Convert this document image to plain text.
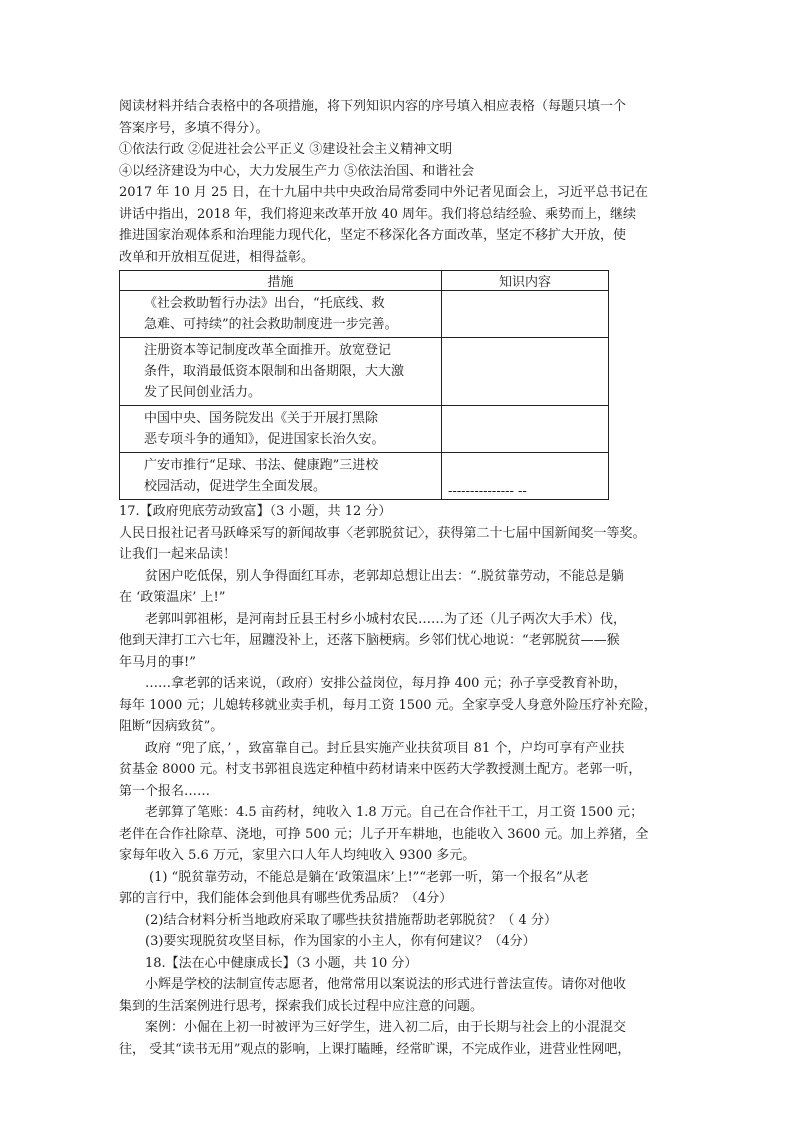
阅读材料并结合表格中的各项措施，将下列知识内容的序号填入相应表格（每题只填一个
答案序号，多填不得分）。
①依法行政 ②促进社会公平正义 ③建设社会主义精神文明
④以经济建设为中心，大力发展生产力 ⑤依法治国、和谐社会
2017 年 10 月 25 日，在十九届中共中央政治局常委同中外记者见面会上，习近平总书记在
讲话中指出，2018 年，我们将迎来改革开放 40 周年。我们将总结经验、乘势而上，继续
推进国家治观体系和治理能力现代化，坚定不移深化各方面改革，坚定不移扩大开放，使
改单和开放相互促进，相得益彰。
措施	知识内容

《社会救助暂行办法》出台，“托底线、救
急难、可持续”的社会救助制度进一步完善。	

注册资本等记制度改革全面推开。放宽登记
条件，取消最低资本限制和出备期限，大大激
发了民间创业活力。	

中国中央、国务院发出《关于开展打黑除
恶专项斗争的通知》，促进国家长治久安。	

广安市推行“足球、书法、健康跑”三进校
校园活动，促进学生全面发展。	--------------- --
17.【政府兜底劳动致富】（3 小题，共 12 分）
人民日报社记者马跃峰采写的新闻故事〈老郭脱贫记〉，获得第二十七届中国新闻奖一等奖。
让我们一起来品读！
贫困户吃低保，别人争得面红耳赤，老郭却总想让出去：“.脱贫靠劳动，不能总是躺
在 ‘政策温床’ 上!”
老郭叫郭祖彬，是河南封丘县王村乡小城村农民……为了还（儿子两次大手术）伐，
他到天津打工六七年，屈躔没补上，还落下脑梗病。乡邻们忧心地说：“老郭脱贫——猴
年马月的事!”
……拿老郭的话来说，（政府）安排公益岗位，每月挣 400 元；孙子享受教育补助，
每年 1000 元；儿媳转移就业卖手机，每月工资 1500 元。全家享受人身意外险压疗补充险，
阻断“因病致贫”。
政府 “兜了底，’ ，致富靠自己。封丘县实施产业扶贫项目 81 个，户均可享有产业扶
贫基金 8000 元。村支书郭祖良选定种植中药材请来中医药大学教授测土配方。老郭一听，
第一个报名……
老郭算了笔账：4.5 亩药材，纯收入 1.8 万元。自己在合作社干工，月工资 1500 元；
老伴在合作社除草、浇地，可挣 500 元；儿子开车耕地，也能收入 3600 元。加上养猪，全
家每年收入 5.6 万元，家里六口人年人均纯收入 9300 多元。
(1) “脱贫靠劳动，不能总是躺在‘政策温床’上!”“老郭一听，第一个报名”从老
郭的言行中，我们能体会到他具有哪些优秀品质？（4分）
(2)结合材料分析当地政府采取了哪些扶贫措施帮助老郭脱贫？（ 4 分）
(3)要实现脱贫攻坚目标，作为国家的小主人，你有何建议？（4分）
18.【法在心中健康成长】（3 小题，共 10 分）
小辉是学校的法制宣传志愿者，他常常用以案说法的形式进行普法宣传。请你对他收
集到的生活案例进行思考，探索我们成长过程中应注意的问题。
案例：小倔在上初一时被评为三好学生，进入初二后，由于长期与社会上的小混混交
往， 受其“读书无用”观点的影响，上课打瞌睡，经常旷课，不完成作业，进营业性网吧，
